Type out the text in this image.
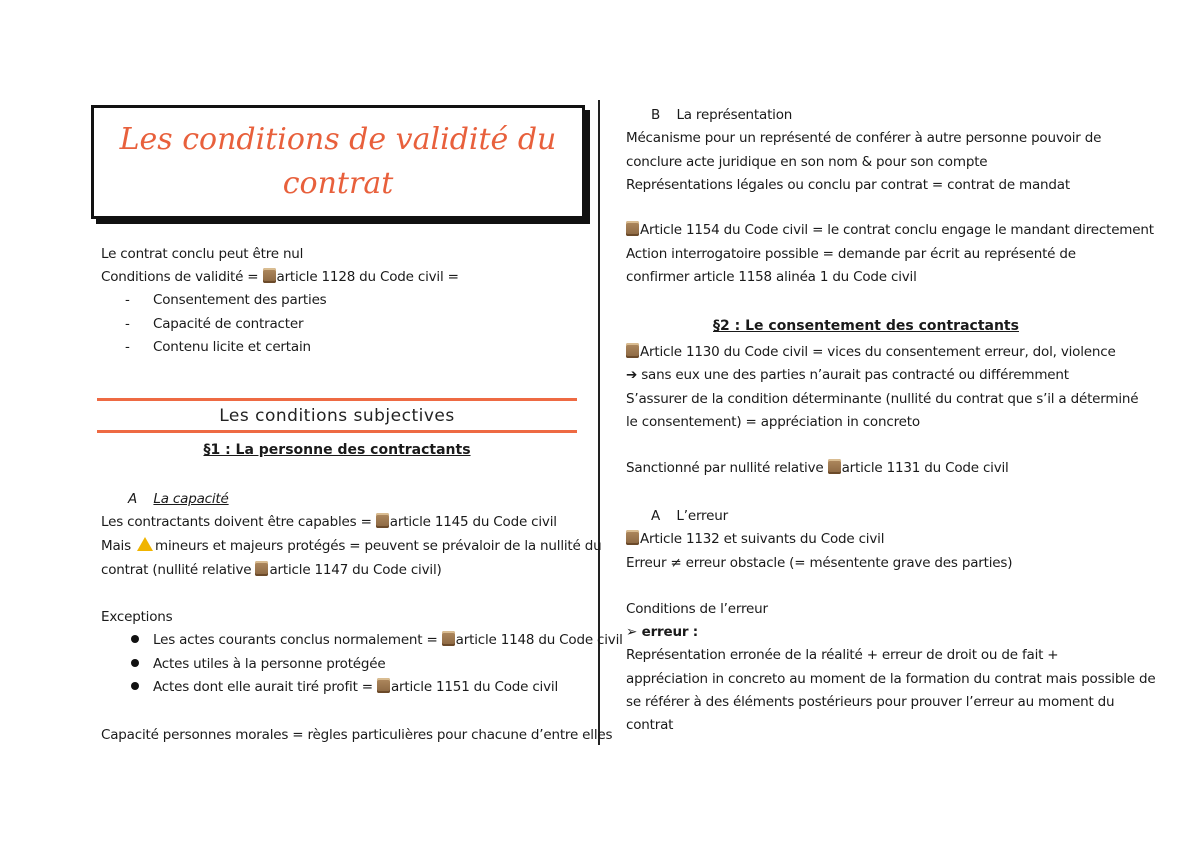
Les conditions de validité du
contrat
Le contrat conclu peut être nul
Conditions de validité = article 1128 du Code civil =
- Consentement des parties
- Capacité de contracter
- Contenu licite et certain
Les conditions subjectives
§1 : La personne des contractants
A La capacité
Les contractants doivent être capables = article 1145 du Code civil
Mais mineurs et majeurs protégés = peuvent se prévaloir de la nullité du
contrat (nullité relative article 1147 du Code civil)
Exceptions
Les actes courants conclus normalement = article 1148 du Code civil
Actes utiles à la personne protégée
Actes dont elle aurait tiré profit = article 1151 du Code civil
Capacité personnes morales = règles particulières pour chacune d’entre elles
B La représentation
Mécanisme pour un représenté de conférer à autre personne pouvoir de
conclure acte juridique en son nom & pour son compte
Représentations légales ou conclu par contrat = contrat de mandat
Article 1154 du Code civil = le contrat conclu engage le mandant directement
Action interrogatoire possible = demande par écrit au représenté de
confirmer article 1158 alinéa 1 du Code civil
§2 : Le consentement des contractants
Article 1130 du Code civil = vices du consentement erreur, dol, violence
➔ sans eux une des parties n’aurait pas contracté ou différemment
S’assurer de la condition déterminante (nullité du contrat que s’il a déterminé
le consentement) = appréciation in concreto
Sanctionné par nullité relative article 1131 du Code civil
A L’erreur
Article 1132 et suivants du Code civil
Erreur ≠ erreur obstacle (= mésentente grave des parties)
Conditions de l’erreur
➢ erreur :
Représentation erronée de la réalité + erreur de droit ou de fait +
appréciation in concreto au moment de la formation du contrat mais possible de
se référer à des éléments postérieurs pour prouver l’erreur au moment du
contrat
